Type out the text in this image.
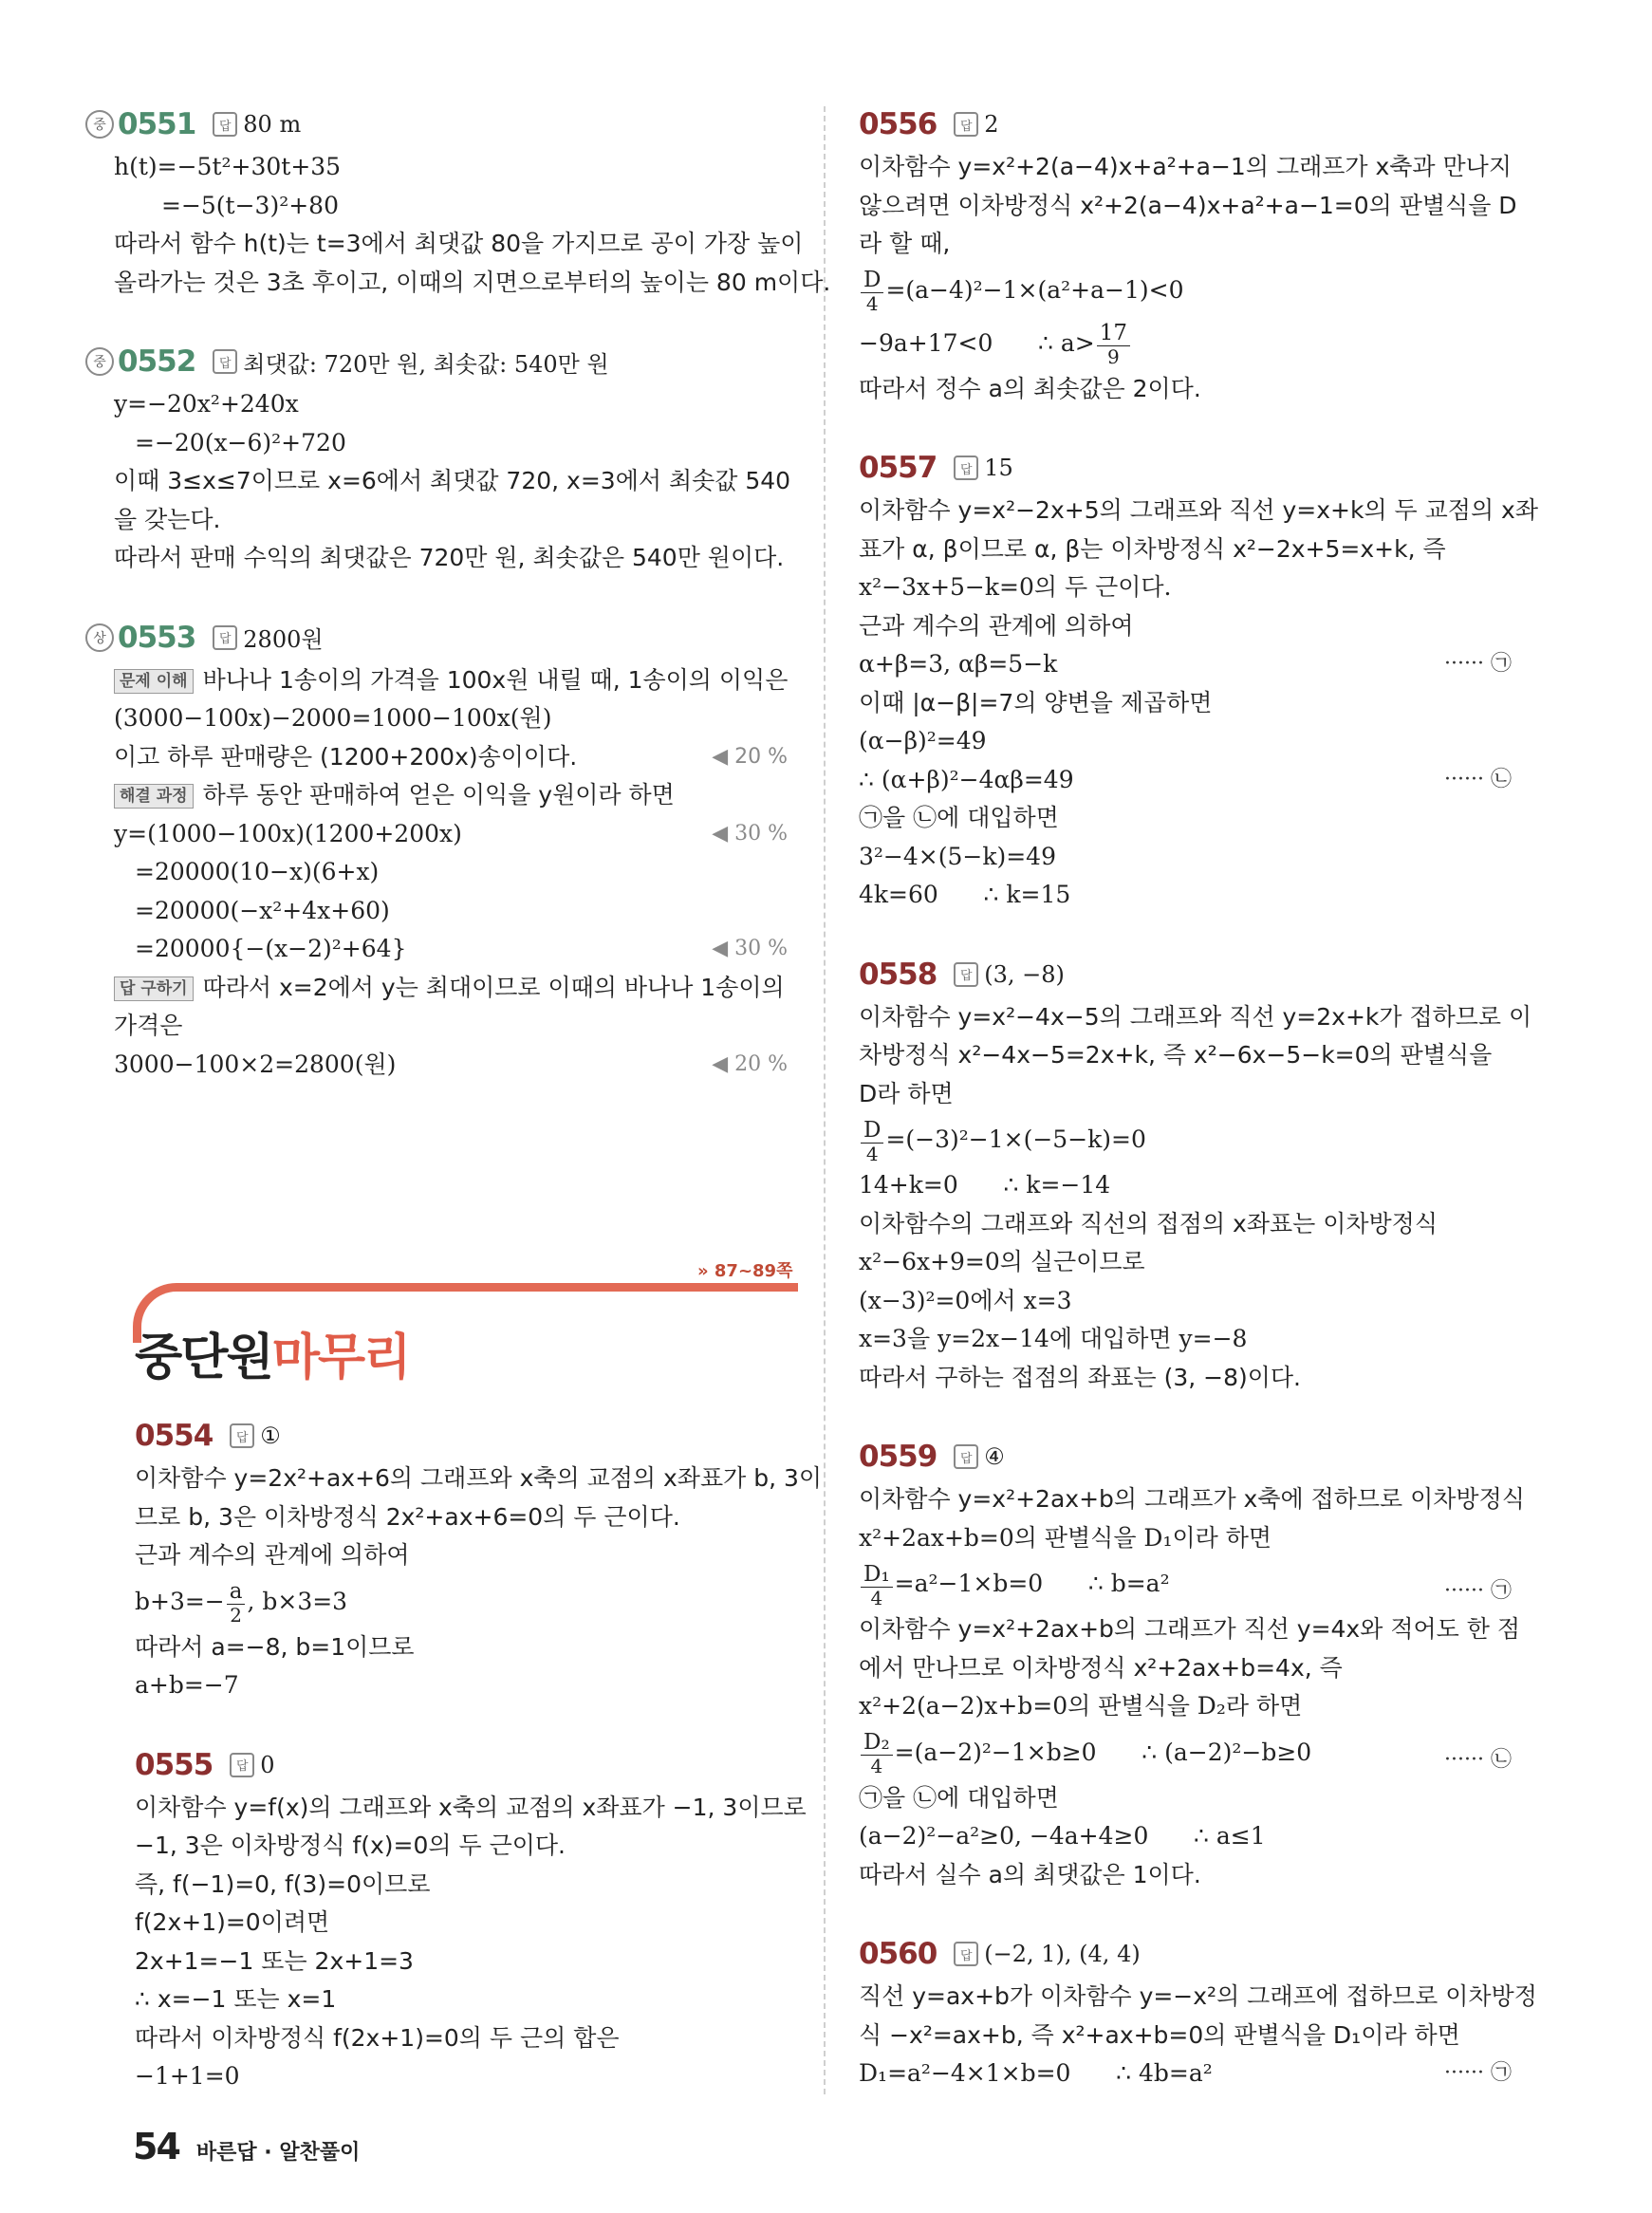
중 0551	답 80 m
h(t)=−5t²+30t+35
=−5(t−3)²+80
따라서 함수 h(t)는 t=3에서 최댓값 80을 가지므로 공이 가장 높이
올라가는 것은 3초 후이고, 이때의 지면으로부터의 높이는 80 m이다.
중 0552	답 최댓값: 720만 원, 최솟값: 540만 원
y=−20x²+240x
=−20(x−6)²+720
이때 3≤x≤7이므로 x=6에서 최댓값 720, x=3에서 최솟값 540
을 갖는다.
따라서 판매 수익의 최댓값은 720만 원, 최솟값은 540만 원이다.
상 0553	답 2800원
문제 이해 바나나 1송이의 가격을 100x원 내릴 때, 1송이의 이익은
(3000−100x)−2000=1000−100x(원)
이고 하루 판매량은 (1200+200x)송이이다.	◀ 20 %
해결 과정 하루 동안 판매하여 얻은 이익을 y원이라 하면
y=(1000−100x)(1200+200x)	◀ 30 %
=20000(10−x)(6+x)
=20000(−x²+4x+60)
=20000{−(x−2)²+64}	◀ 30 %
답 구하기 따라서 x=2에서 y는 최대이므로 이때의 바나나 1송이의
가격은
3000−100×2=2800(원)	◀ 20 %
» 87~89쪽
중단원마무리
0554	답 ①
이차함수 y=2x²+ax+6의 그래프와 x축의 교점의 x좌표가 b, 3이
므로 b, 3은 이차방정식 2x²+ax+6=0의 두 근이다.
근과 계수의 관계에 의하여
$b+3=- \frac{a}{2}$ , b×3=3
따라서 a=−8, b=1이므로
a+b=−7
0555	답 0
이차함수 y=f(x)의 그래프와 x축의 교점의 x좌표가 −1, 3이므로
−1, 3은 이차방정식 f(x)=0의 두 근이다.
즉, f(−1)=0, f(3)=0이므로
f(2x+1)=0이려면
2x+1=−1 또는 2x+1=3
∴ x=−1 또는 x=1
따라서 이차방정식 f(2x+1)=0의 두 근의 합은
−1+1=0
0556	답 2
이차함수 y=x²+2(a−4)x+a²+a−1의 그래프가 x축과 만나지
않으려면 이차방정식 x²+2(a−4)x+a²+a−1=0의 판별식을 D
라 할 때,
$\frac{D}{4} =(a-4)^2-1\times(a^2+a-1)<0$
−9a+17<0      ∴ $a> \frac{17}{9}$
따라서 정수 a의 최솟값은 2이다.
0557	답 15
이차함수 y=x²−2x+5의 그래프와 직선 y=x+k의 두 교점의 x좌
표가 α, β이므로 α, β는 이차방정식 x²−2x+5=x+k, 즉
x²−3x+5−k=0의 두 근이다.
근과 계수의 관계에 의하여
α+β=3, αβ=5−k	······ ㉠
이때 |α−β|=7의 양변을 제곱하면
(α−β)²=49
∴ (α+β)²−4αβ=49	······ ㉡
㉠을 ㉡에 대입하면
3²−4×(5−k)=49
4k=60      ∴ k=15
0558	답 (3, −8)
이차함수 y=x²−4x−5의 그래프와 직선 y=2x+k가 접하므로 이
차방정식 x²−4x−5=2x+k, 즉 x²−6x−5−k=0의 판별식을
D라 하면
$\frac{D}{4} =(-3)^2-1\times(-5-k)=0$
14+k=0      ∴ k=−14
이차함수의 그래프와 직선의 접점의 x좌표는 이차방정식
x²−6x+9=0의 실근이므로
(x−3)²=0에서 x=3
x=3을 y=2x−14에 대입하면 y=−8
따라서 구하는 접점의 좌표는 (3, −8)이다.
0559	답 ④
이차함수 y=x²+2ax+b의 그래프가 x축에 접하므로 이차방정식
x²+2ax+b=0의 판별식을 D₁이라 하면
$\frac{\text{D₁}}{4} =a^2-1\times b=0$      ∴ b=a²	······ ㉠
이차함수 y=x²+2ax+b의 그래프가 직선 y=4x와 적어도 한 점
에서 만나므로 이차방정식 x²+2ax+b=4x, 즉
x²+2(a−2)x+b=0의 판별식을 D₂라 하면
$\frac{\text{D₂}}{4} =(a-2)^2-1\times b\ge 0$      ∴ (a−2)²−b≥0	······ ㉡
㉠을 ㉡에 대입하면
(a−2)²−a²≥0, −4a+4≥0      ∴ a≤1
따라서 실수 a의 최댓값은 1이다.
0560	답 (−2, 1), (4, 4)
직선 y=ax+b가 이차함수 y=−x²의 그래프에 접하므로 이차방정
식 −x²=ax+b, 즉 x²+ax+b=0의 판별식을 D₁이라 하면
D₁=a²−4×1×b=0      ∴ 4b=a²	······ ㉠
54 바른답 · 알찬풀이
